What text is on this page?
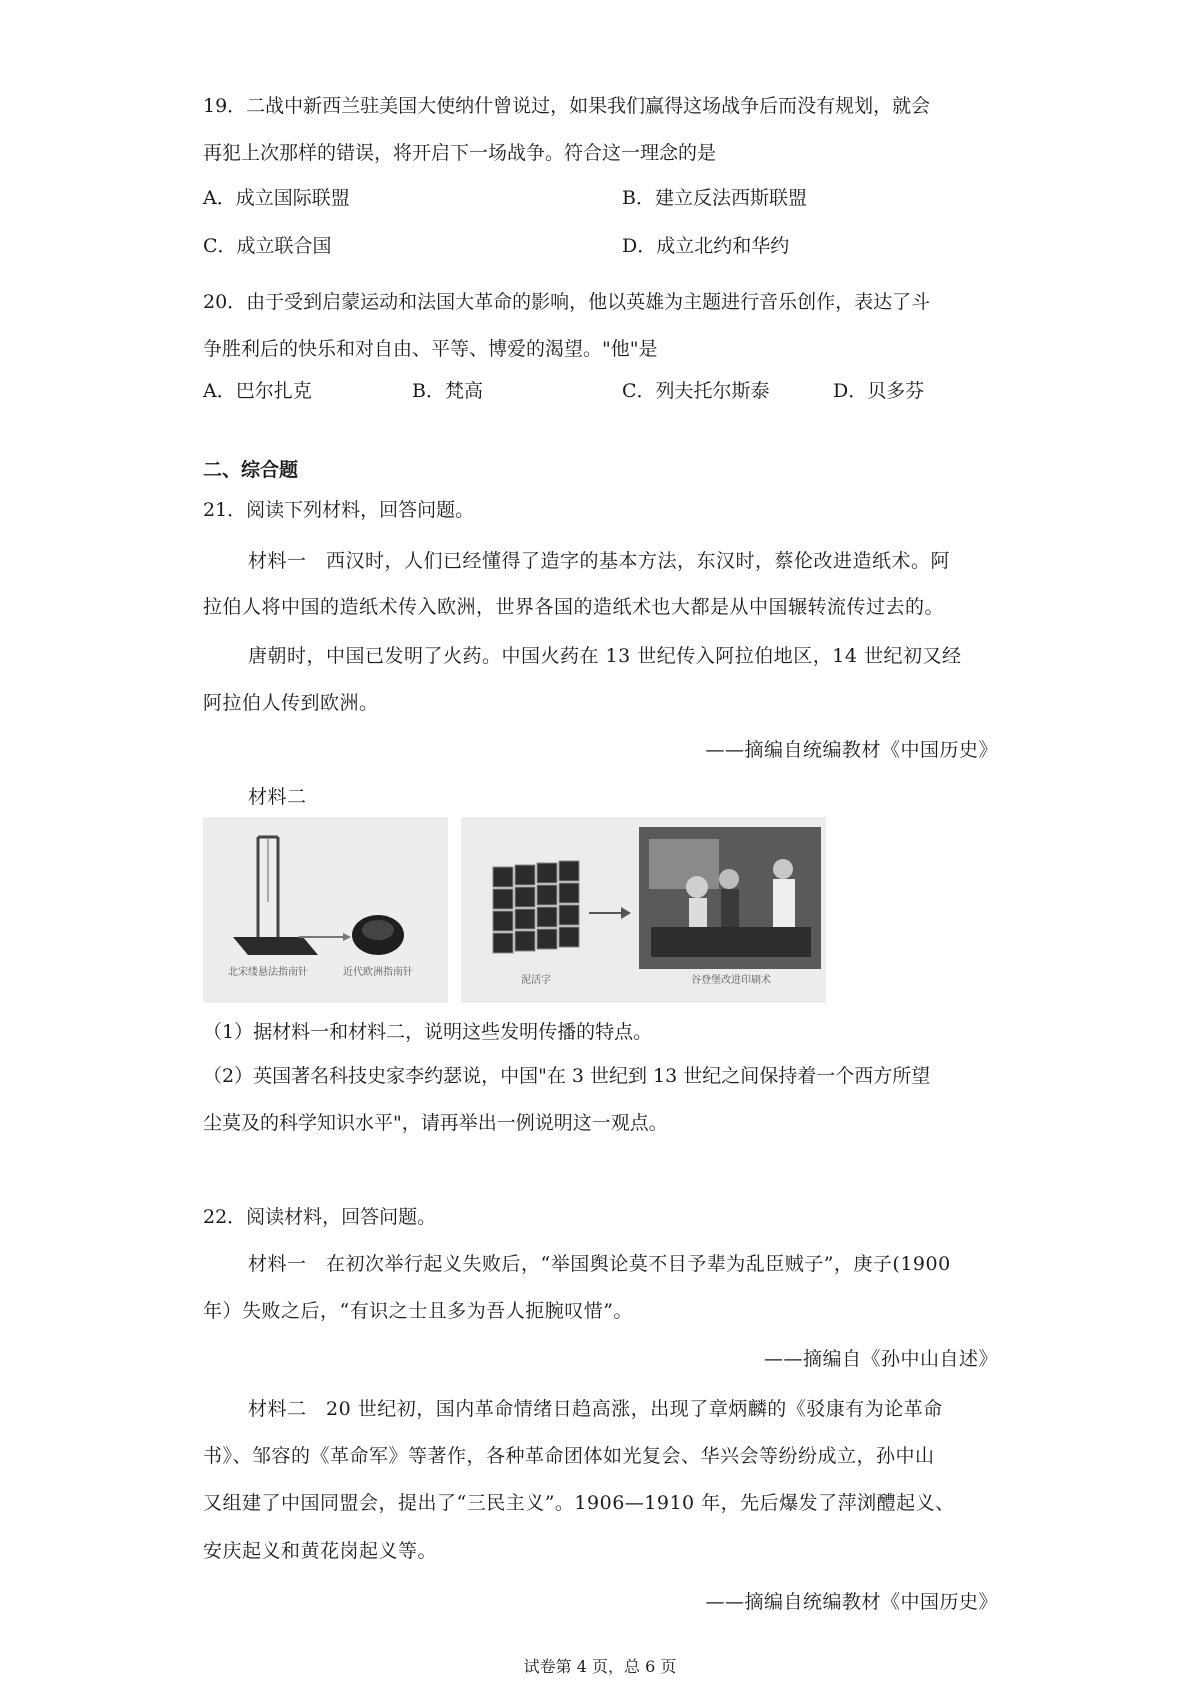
19．二战中新西兰驻美国大使纳什曾说过，如果我们赢得这场战争后而没有规划，就会
再犯上次那样的错误，将开启下一场战争。符合这一理念的是
A．成立国际联盟	B．建立反法西斯联盟
C．成立联合国	D．成立北约和华约
20．由于受到启蒙运动和法国大革命的影响，他以英雄为主题进行音乐创作，表达了斗
争胜利后的快乐和对自由、平等、博爱的渴望。"他"是
A．巴尔扎克	B．梵高	C．列夫托尔斯泰	D．贝多芬
二、综合题
21．阅读下列材料，回答问题。
材料一　西汉时，人们已经懂得了造字的基本方法，东汉时，蔡伦改进造纸术。阿
拉伯人将中国的造纸术传入欧洲，世界各国的造纸术也大都是从中国辗转流传过去的。
唐朝时，中国已发明了火药。中国火药在 13 世纪传入阿拉伯地区，14 世纪初又经
阿拉伯人传到欧洲。
——摘编自统编教材《中国历史》
材料二
北宋缕悬法指南针	近代欧洲指南针
泥活字	谷登堡改进印刷术
（1）据材料一和材料二，说明这些发明传播的特点。
（2）英国著名科技史家李约瑟说，中国"在 3 世纪到 13 世纪之间保持着一个西方所望
尘莫及的科学知识水平"，请再举出一例说明这一观点。
22．阅读材料，回答问题。
材料一　在初次举行起义失败后，“举国舆论莫不目予辈为乱臣贼子”，庚子(1900
年）失败之后，“有识之士且多为吾人扼腕叹惜”。
——摘编自《孙中山自述》
材料二　20 世纪初，国内革命情绪日趋高涨，出现了章炳麟的《驳康有为论革命
书》、邹容的《革命军》等著作，各种革命团体如光复会、华兴会等纷纷成立，孙中山
又组建了中国同盟会，提出了“三民主义”。1906—1910 年，先后爆发了萍浏醴起义、
安庆起义和黄花岗起义等。
——摘编自统编教材《中国历史》
试卷第 4 页，总 6 页
